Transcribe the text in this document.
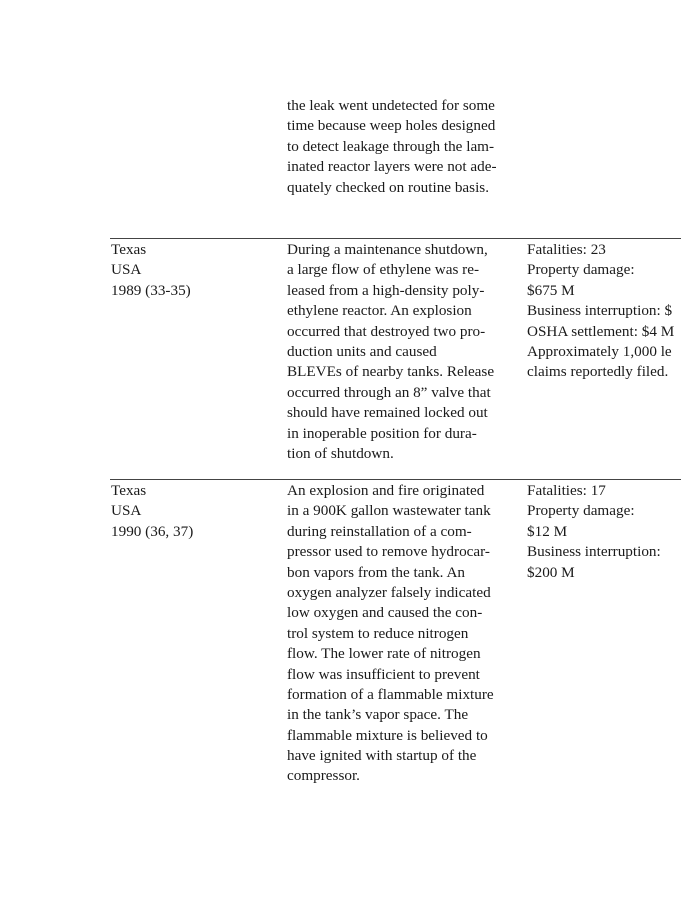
the leak went undetected for some
time because weep holes designed
to detect leakage through the lam-
inated reactor layers were not ade-
quately checked on routine basis.
Texas
USA
1989 (33-35)
During a maintenance shutdown,
a large flow of ethylene was re-
leased from a high-density poly-
ethylene reactor. An explosion
occurred that destroyed two pro-
duction units and caused
BLEVEs of nearby tanks. Release
occurred through an 8” valve that
should have remained locked out
in inoperable position for dura-
tion of shutdown.
Fatalities: 23
Property damage:
$675 M
Business interruption: $
OSHA settlement: $4 M
Approximately 1,000 le
claims reportedly filed.
Texas
USA
1990 (36, 37)
An explosion and fire originated
in a 900K gallon wastewater tank
during reinstallation of a com-
pressor used to remove hydrocar-
bon vapors from the tank. An
oxygen analyzer falsely indicated
low oxygen and caused the con-
trol system to reduce nitrogen
flow. The lower rate of nitrogen
flow was insufficient to prevent
formation of a flammable mixture
in the tank’s vapor space. The
flammable mixture is believed to
have ignited with startup of the
compressor.
Fatalities: 17
Property damage:
$12 M
Business interruption:
$200 M
